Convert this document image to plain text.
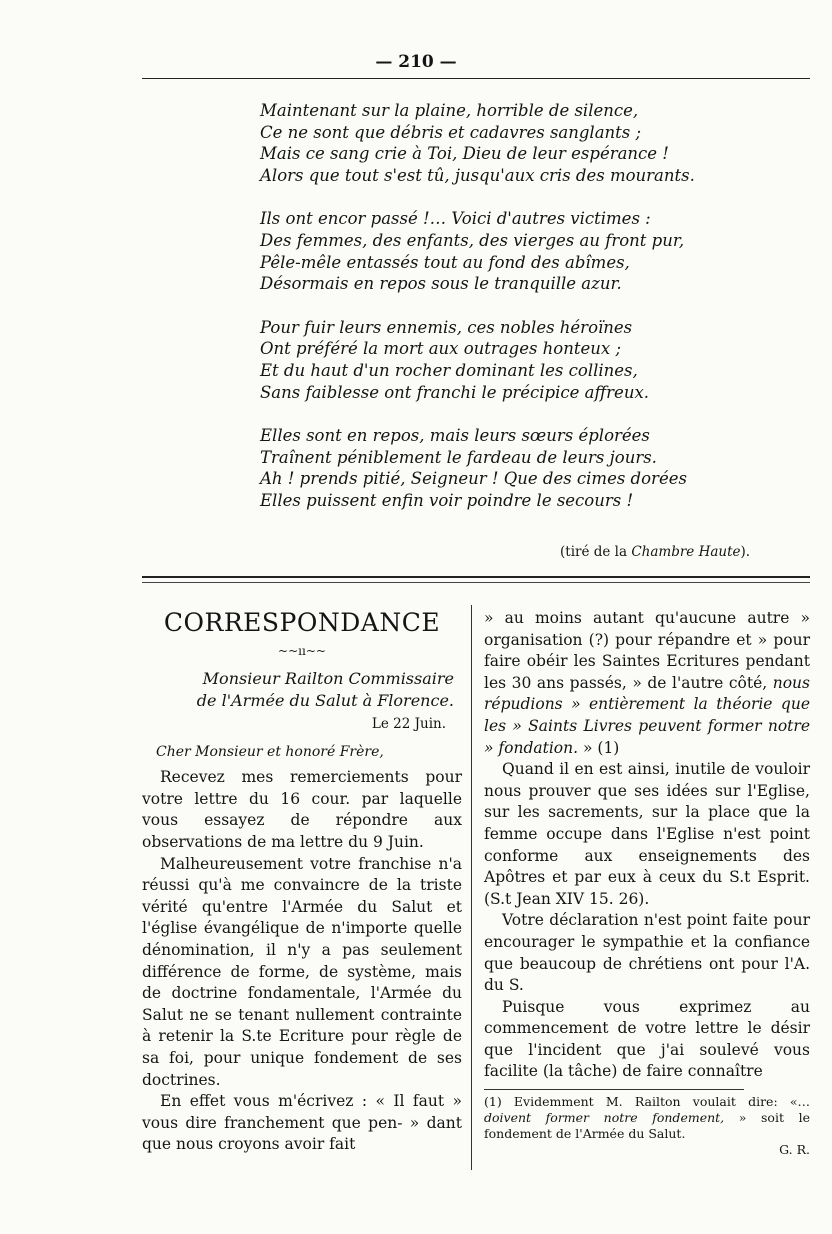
— 210 —
Maintenant sur la plaine, horrible de silence,
Ce ne sont que débris et cadavres sanglants ;
Mais ce sang crie à Toi, Dieu de leur espérance !
Alors que tout s'est tû, jusqu'aux cris des mourants.
Ils ont encor passé !… Voici d'autres victimes :
Des femmes, des enfants, des vierges au front pur,
Pêle-mêle entassés tout au fond des abîmes,
Désormais en repos sous le tranquille azur.
Pour fuir leurs ennemis, ces nobles héroïnes
Ont préféré la mort aux outrages honteux ;
Et du haut d'un rocher dominant les collines,
Sans faiblesse ont franchi le précipice affreux.
Elles sont en repos, mais leurs sœurs éplorées
Traînent péniblement le fardeau de leurs jours.
Ah ! prends pitié, Seigneur ! Que des cimes dorées
Elles puissent enfin voir poindre le secours !
(tiré de la Chambre Haute).
CORRESPONDANCE
~~ıı~~
Monsieur Railton Commissaire
de l'Armée du Salut à Florence.
Le 22 Juin.
Cher Monsieur et honoré Frère,

Recevez mes remerciements pour votre lettre du 16 cour. par laquelle vous essayez de répondre aux observations de ma lettre du 9 Juin.

Malheureusement votre franchise n'a réussi qu'à me convaincre de la triste vérité qu'entre l'Armée du Salut et l'église évangélique de n'importe quelle dénomination, il n'y a pas seulement différence de forme, de système, mais de doctrine fondamentale, l'Armée du Salut ne se tenant nullement contrainte à retenir la S.te Ecriture pour règle de sa foi, pour unique fondement de ses doctrines.

En effet vous m'écrivez : « Il faut » vous dire franchement que pen- » dant que nous croyons avoir fait

» au moins autant qu'aucune autre » organisation (?) pour répandre et » pour faire obéir les Saintes Ecritures pendant les 30 ans passés, » de l'autre côté, nous répudions » entièrement la théorie que les » Saints Livres peuvent former notre » fondation. » (1)

Quand il en est ainsi, inutile de vouloir nous prouver que ses idées sur l'Eglise, sur les sacrements, sur la place que la femme occupe dans l'Eglise n'est point conforme aux enseignements des Apôtres et par eux à ceux du S.t Esprit. (S.t Jean XIV 15. 26).

Votre déclaration n'est point faite pour encourager le sympathie et la confiance que beaucoup de chrétiens ont pour l'A. du S.

Puisque vous exprimez au commencement de votre lettre le désir que l'incident que j'ai soulevé vous facilite (la tâche) de faire connaître

(1) Evidemment M. Railton voulait dire: «… doivent former notre fondement, » soit le fondement de l'Armée du Salut.
G. R.
